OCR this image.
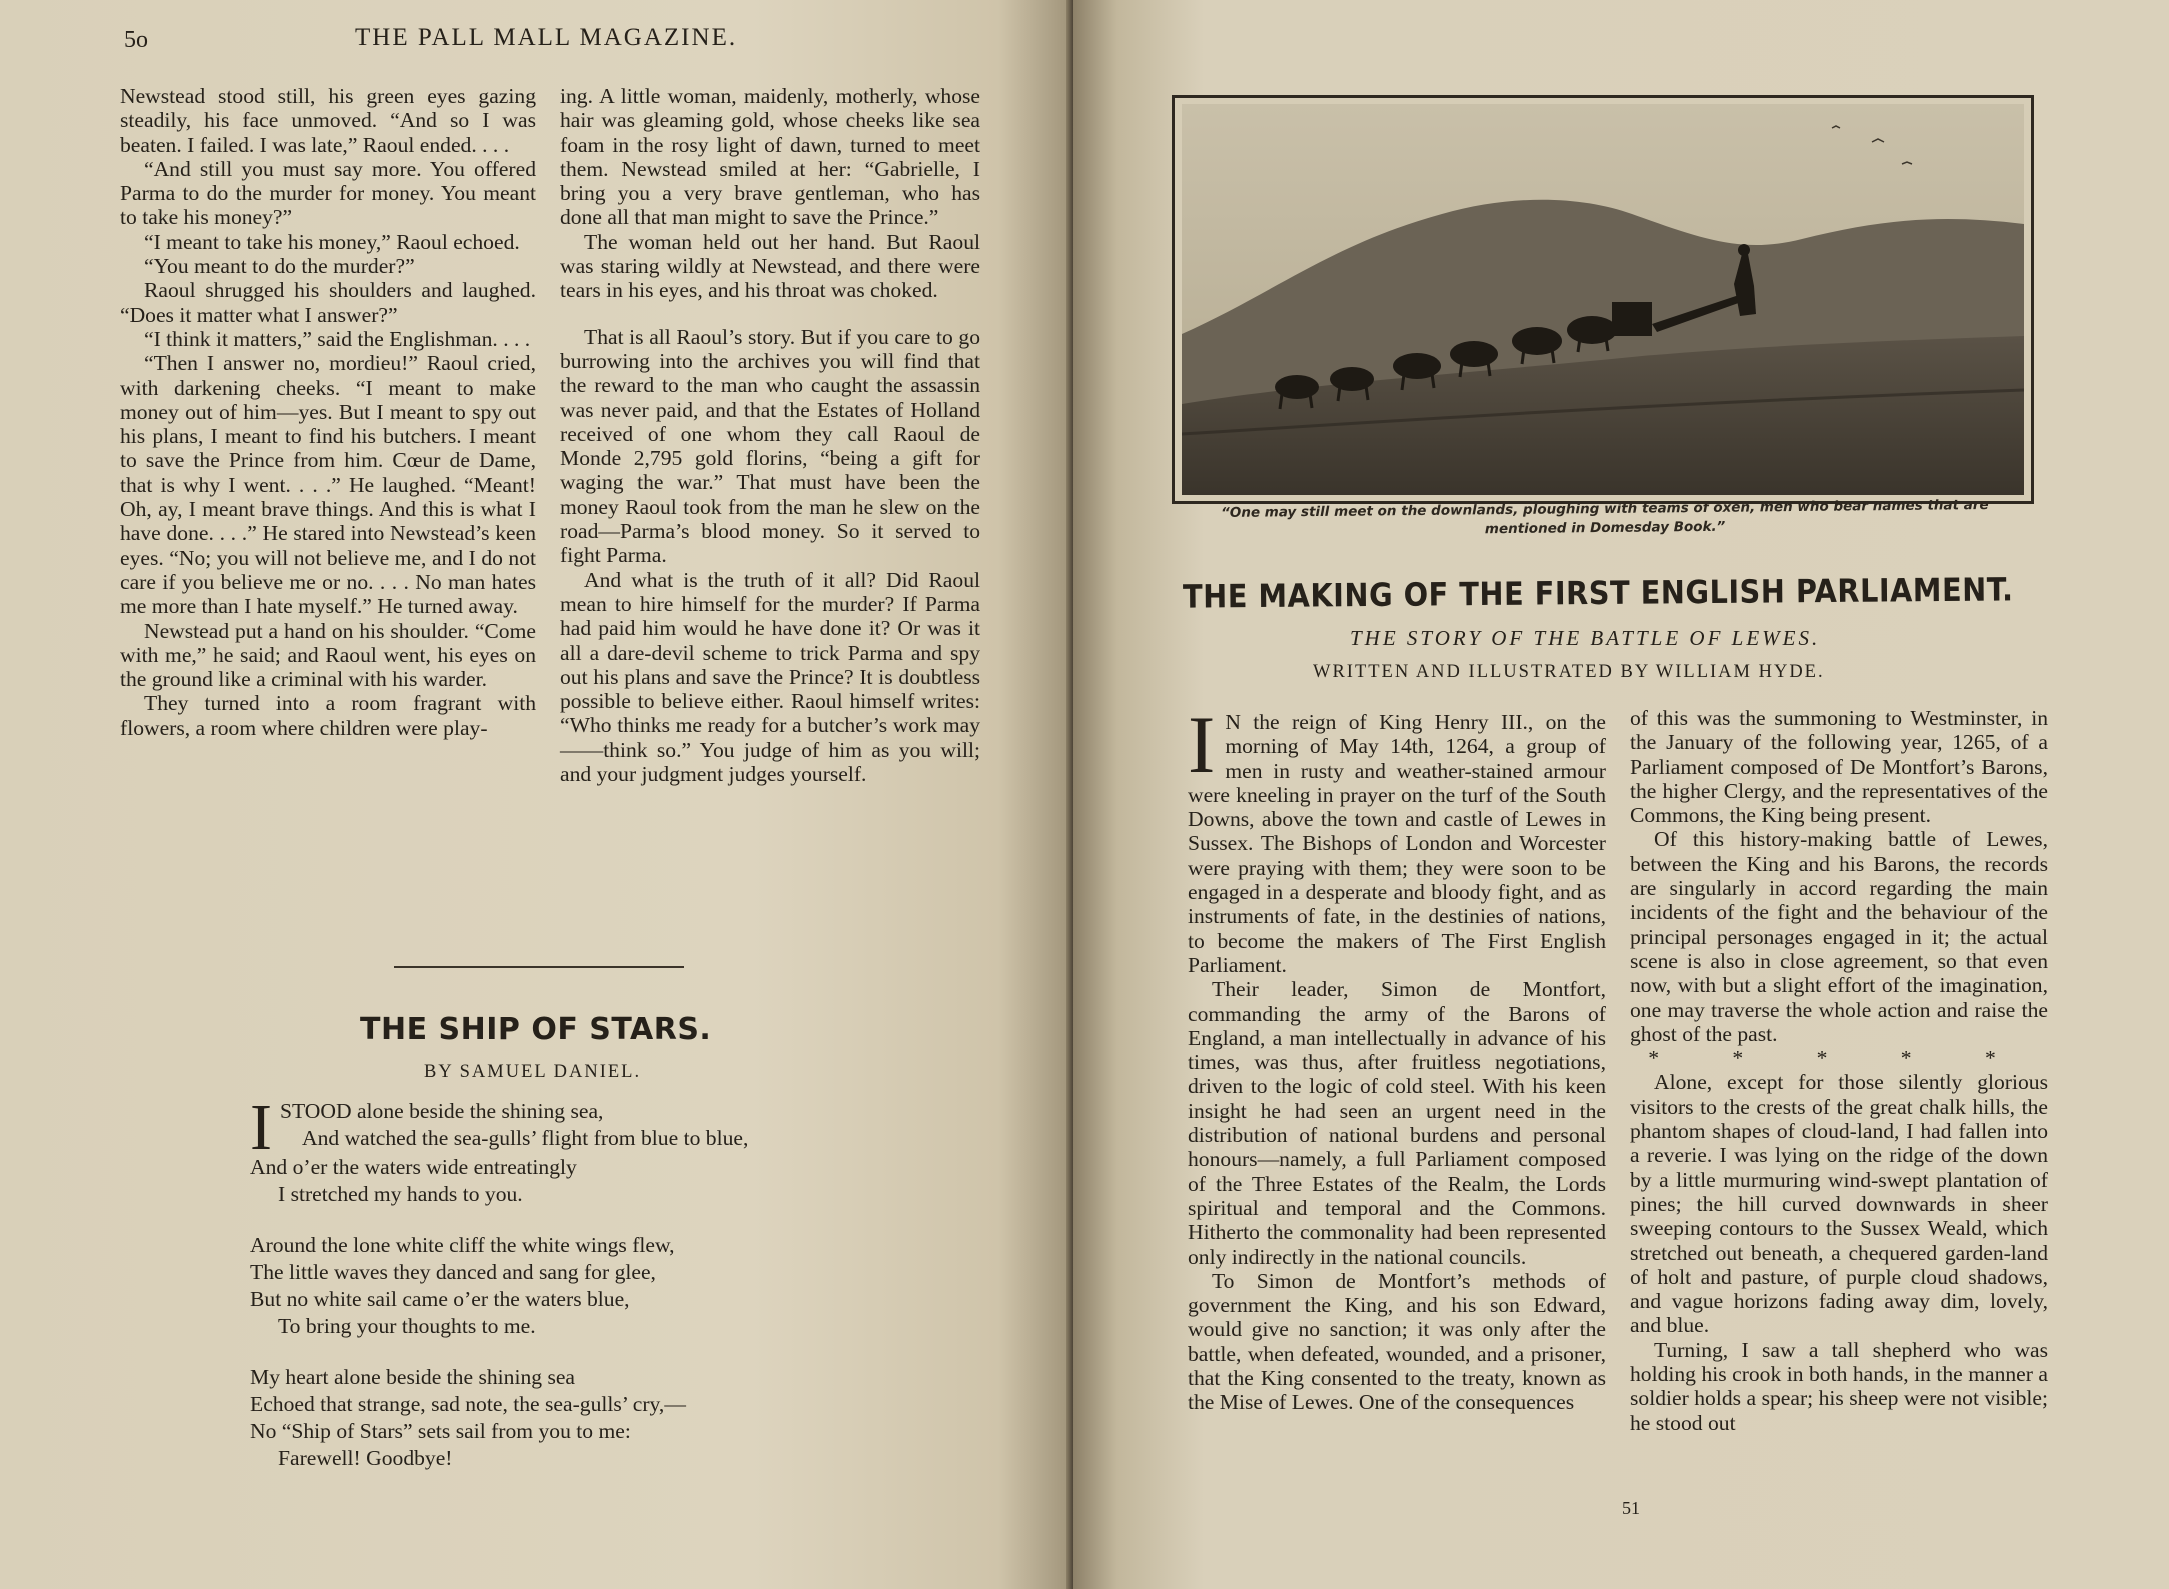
5o	THE PALL MALL MAGAZINE.

Newstead stood still, his green eyes gazing steadily, his face unmoved. “And so I was beaten. I failed. I was late,” Raoul ended. . . .

“And still you must say more. You offered Parma to do the murder for money. You meant to take his money?”

“I meant to take his money,” Raoul echoed.

“You meant to do the murder?”

Raoul shrugged his shoulders and laughed. “Does it matter what I answer?”

“I think it matters,” said the Englishman. . . .

“Then I answer no, mordieu!” Raoul cried, with darkening cheeks. “I meant to make money out of him—yes. But I meant to spy out his plans, I meant to find his butchers. I meant to save the Prince from him. Cœur de Dame, that is why I went. . . .” He laughed. “Meant! Oh, ay, I meant brave things. And this is what I have done. . . .” He stared into Newstead’s keen eyes. “No; you will not believe me, and I do not care if you believe me or no. . . . No man hates me more than I hate myself.” He turned away.

Newstead put a hand on his shoulder. “Come with me,” he said; and Raoul went, his eyes on the ground like a criminal with his warder.

They turned into a room fragrant with flowers, a room where children were play-

ing. A little woman, maidenly, motherly, whose hair was gleaming gold, whose cheeks like sea foam in the rosy light of dawn, turned to meet them. Newstead smiled at her: “Gabrielle, I bring you a very brave gentleman, who has done all that man might to save the Prince.”

The woman held out her hand. But Raoul was staring wildly at Newstead, and there were tears in his eyes, and his throat was choked.

That is all Raoul’s story. But if you care to go burrowing into the archives you will find that the reward to the man who caught the assassin was never paid, and that the Estates of Holland received of one whom they call Raoul de Monde 2,795 gold florins, “being a gift for waging the war.” That must have been the money Raoul took from the man he slew on the road—Parma’s blood money. So it served to fight Parma.

And what is the truth of it all? Did Raoul mean to hire himself for the murder? If Parma had paid him would he have done it? Or was it all a dare-devil scheme to trick Parma and spy out his plans and save the Prince? It is doubtless possible to believe either. Raoul himself writes: “Who thinks me ready for a butcher’s work may——think so.” You judge of him as you will; and your judgment judges yourself.

THE SHIP OF STARS.
BY SAMUEL DANIEL.
ISTOOD alone beside the shining sea,
And watched the sea-gulls’ flight from blue to blue,
And o’er the waters wide entreatingly
I stretched my hands to you.
Around the lone white cliff the white wings flew,
The little waves they danced and sang for glee,
But no white sail came o’er the waters blue,
To bring your thoughts to me.
My heart alone beside the shining sea
Echoed that strange, sad note, the sea-gulls’ cry,—
No “Ship of Stars” sets sail from you to me:
Farewell! Goodbye!
“One may still meet on the downlands, ploughing with teams of oxen, men who bear names that are mentioned in Domesday Book.”
THE MAKING OF THE FIRST ENGLISH PARLIAMENT.
THE STORY OF THE BATTLE OF LEWES.
WRITTEN AND ILLUSTRATED BY WILLIAM HYDE.

I N the reign of King Henry III., on the morning of May 14th, 1264, a group of men in rusty and weather-stained armour were kneeling in prayer on the turf of the South Downs, above the town and castle of Lewes in Sussex. The Bishops of London and Worcester were praying with them; they were soon to be engaged in a desperate and bloody fight, and as instruments of fate, in the destinies of nations, to become the makers of The First English Parliament.

Their leader, Simon de Montfort, commanding the army of the Barons of England, a man intellectually in advance of his times, was thus, after fruitless negotiations, driven to the logic of cold steel. With his keen insight he had seen an urgent need in the distribution of national burdens and personal honours—namely, a full Parliament composed of the Three Estates of the Realm, the Lords spiritual and temporal and the Commons. Hitherto the commonality had been represented only indirectly in the national councils.

To Simon de Montfort’s methods of government the King, and his son Edward, would give no sanction; it was only after the battle, when defeated, wounded, and a prisoner, that the King consented to the treaty, known as the Mise of Lewes. One of the consequences

of this was the summoning to Westminster, in the January of the following year, 1265, of a Parliament composed of De Montfort’s Barons, the higher Clergy, and the representatives of the Commons, the King being present.

Of this history-making battle of Lewes, between the King and his Barons, the records are singularly in accord regarding the main incidents of the fight and the behaviour of the principal personages engaged in it; the actual scene is also in close agreement, so that even now, with but a slight effort of the imagination, one may traverse the whole action and raise the ghost of the past.

* * * * *

Alone, except for those silently glorious visitors to the crests of the great chalk hills, the phantom shapes of cloud-land, I had fallen into a reverie. I was lying on the ridge of the down by a little murmuring wind-swept plantation of pines; the hill curved downwards in sheer sweeping contours to the Sussex Weald, which stretched out beneath, a chequered garden-land of holt and pasture, of purple cloud shadows, and vague horizons fading away dim, lovely, and blue.

Turning, I saw a tall shepherd who was holding his crook in both hands, in the manner a soldier holds a spear; his sheep were not visible; he stood out

51
